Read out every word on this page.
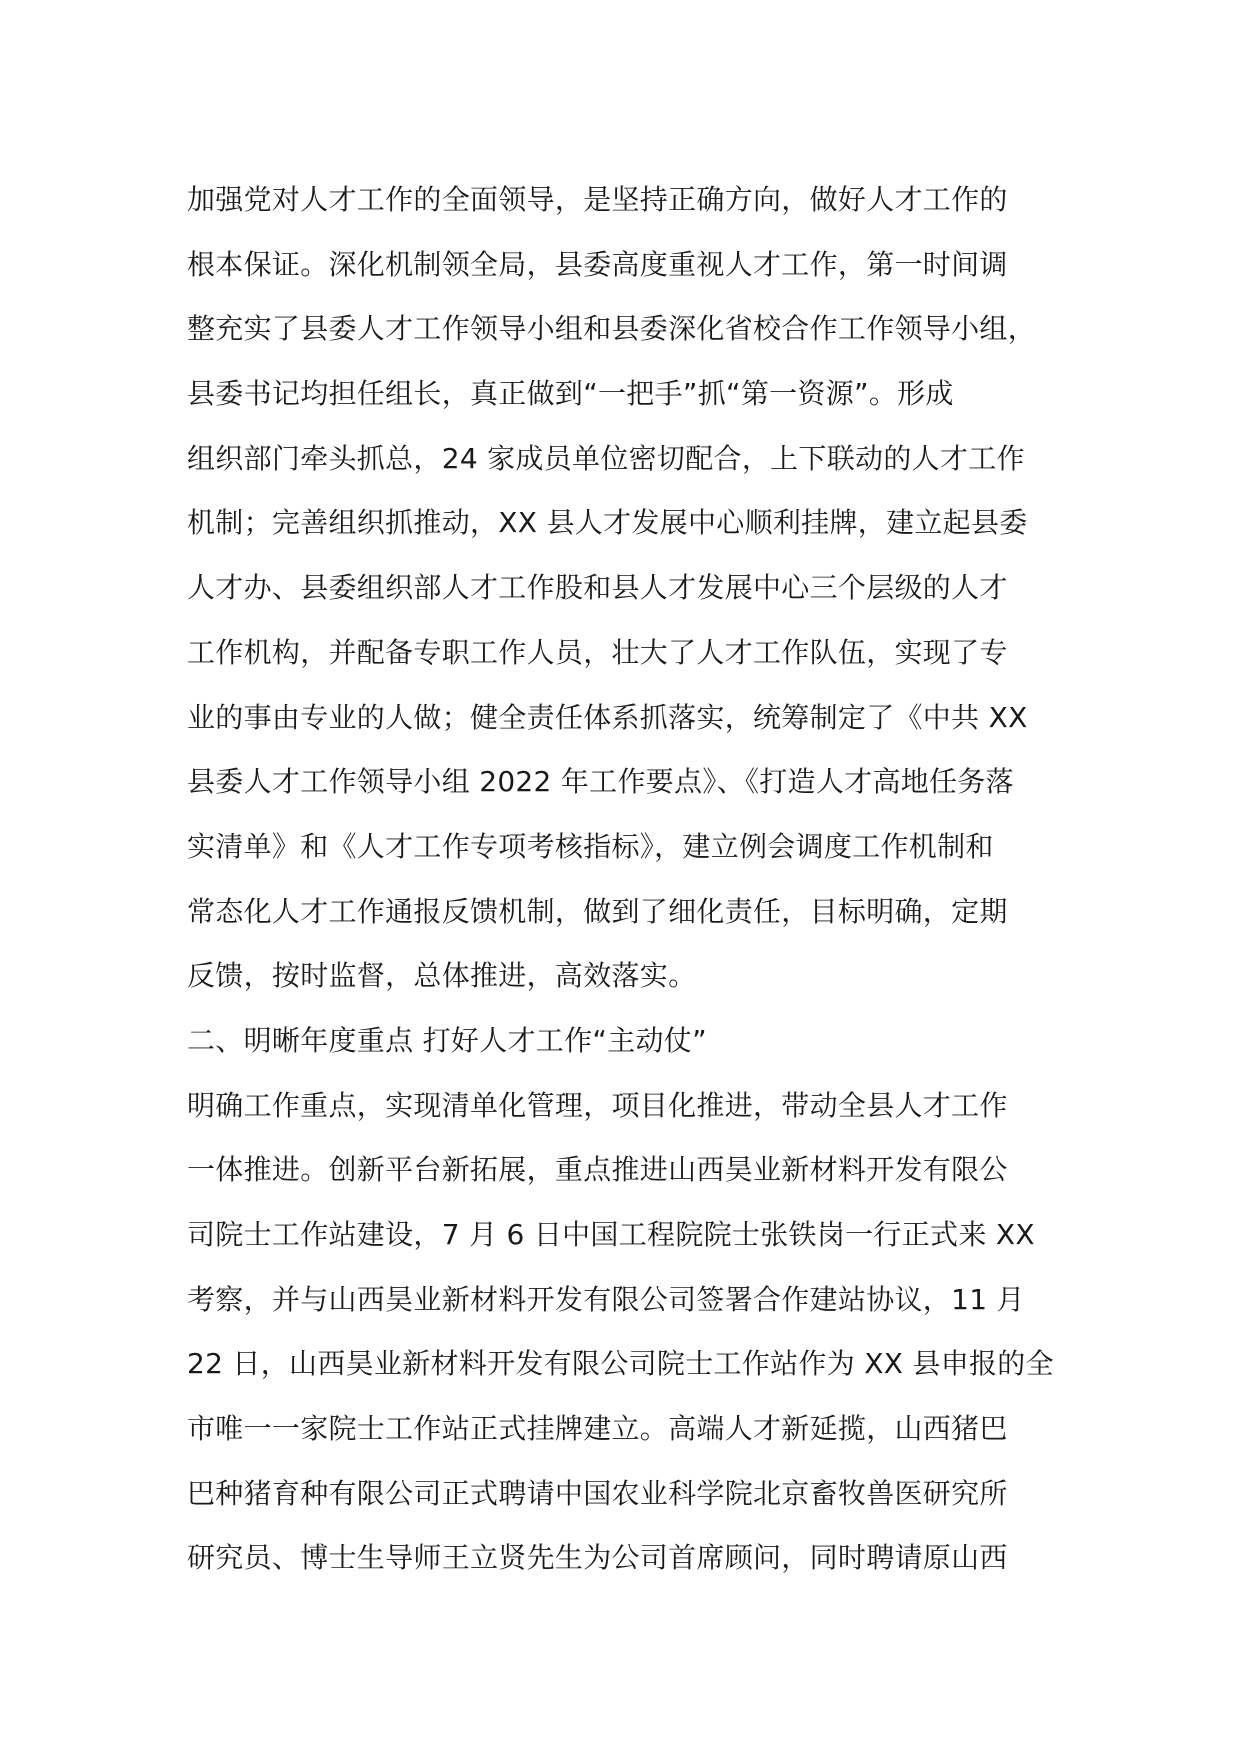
加强党对人才工作的全面领导，是坚持正确方向，做好人才工作的
根本保证。深化机制领全局，县委高度重视人才工作，第一时间调
整充实了县委人才工作领导小组和县委深化省校合作工作领导小组，
县委书记均担任组长，真正做到“一把手”抓“第一资源”。形成
组织部门牵头抓总，24 家成员单位密切配合，上下联动的人才工作
机制；完善组织抓推动，XX 县人才发展中心顺利挂牌，建立起县委
人才办、县委组织部人才工作股和县人才发展中心三个层级的人才
工作机构，并配备专职工作人员，壮大了人才工作队伍，实现了专
业的事由专业的人做；健全责任体系抓落实，统筹制定了《中共 XX
县委人才工作领导小组 2022 年工作要点》、《打造人才高地任务落
实清单》和《人才工作专项考核指标》，建立例会调度工作机制和
常态化人才工作通报反馈机制，做到了细化责任，目标明确，定期
反馈，按时监督，总体推进，高效落实。
二、明晰年度重点 打好人才工作“主动仗”
明确工作重点，实现清单化管理，项目化推进，带动全县人才工作
一体推进。创新平台新拓展，重点推进山西昊业新材料开发有限公
司院士工作站建设，7 月 6 日中国工程院院士张铁岗一行正式来 XX
考察，并与山西昊业新材料开发有限公司签署合作建站协议，11 月
22 日，山西昊业新材料开发有限公司院士工作站作为 XX 县申报的全
市唯一一家院士工作站正式挂牌建立。高端人才新延揽，山西猪巴
巴种猪育种有限公司正式聘请中国农业科学院北京畜牧兽医研究所
研究员、博士生导师王立贤先生为公司首席顾问，同时聘请原山西
